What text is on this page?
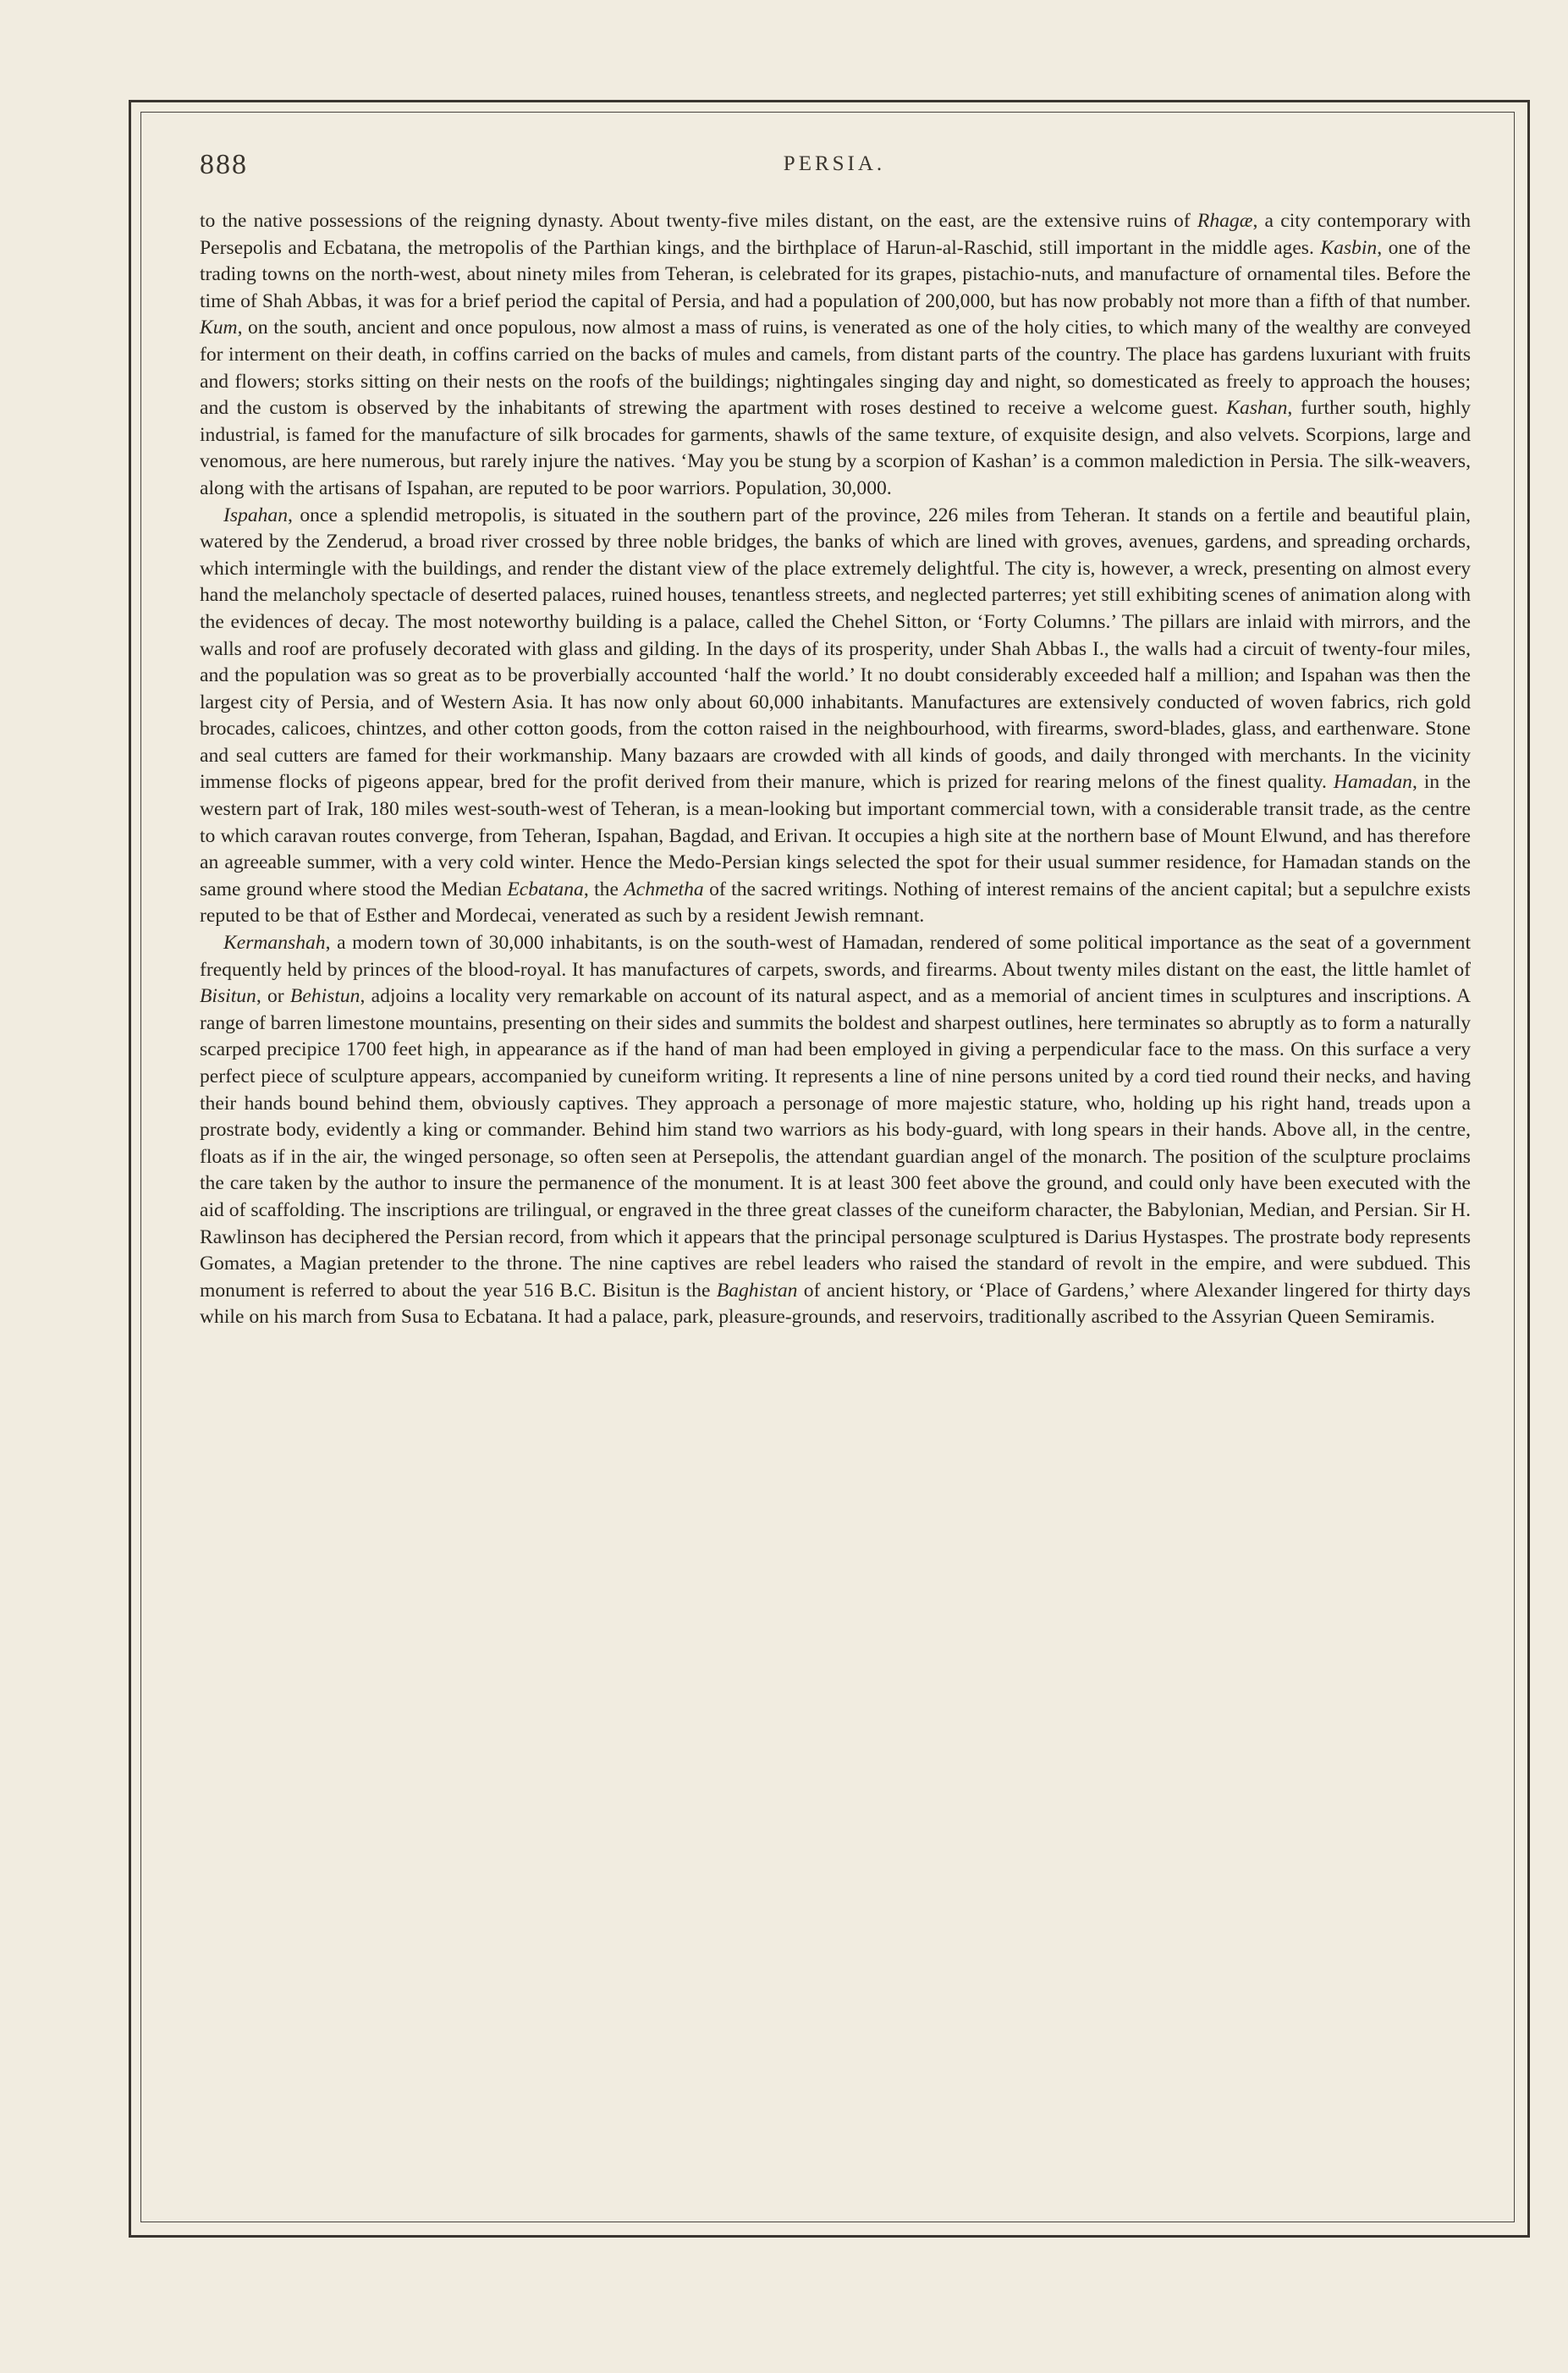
888	PERSIA.

to the native possessions of the reigning dynasty. About twenty-five miles distant, on the east, are the extensive ruins of Rhagæ, a city contemporary with Persepolis and Ecbatana, the metropolis of the Parthian kings, and the birthplace of Harun-al-Raschid, still important in the middle ages. Kasbin, one of the trading towns on the north-west, about ninety miles from Teheran, is celebrated for its grapes, pistachio-nuts, and manufacture of ornamental tiles. Before the time of Shah Abbas, it was for a brief period the capital of Persia, and had a population of 200,000, but has now probably not more than a fifth of that number. Kum, on the south, ancient and once populous, now almost a mass of ruins, is venerated as one of the holy cities, to which many of the wealthy are conveyed for interment on their death, in coffins carried on the backs of mules and camels, from distant parts of the country. The place has gardens luxuriant with fruits and flowers; storks sitting on their nests on the roofs of the buildings; nightingales singing day and night, so domesticated as freely to approach the houses; and the custom is observed by the inhabitants of strewing the apartment with roses destined to receive a welcome guest. Kashan, further south, highly industrial, is famed for the manufacture of silk brocades for garments, shawls of the same texture, of exquisite design, and also velvets. Scorpions, large and venomous, are here numerous, but rarely injure the natives. ‘May you be stung by a scorpion of Kashan’ is a common malediction in Persia. The silk-weavers, along with the artisans of Ispahan, are reputed to be poor warriors. Population, 30,000.

Ispahan, once a splendid metropolis, is situated in the southern part of the province, 226 miles from Teheran. It stands on a fertile and beautiful plain, watered by the Zenderud, a broad river crossed by three noble bridges, the banks of which are lined with groves, avenues, gardens, and spreading orchards, which intermingle with the buildings, and render the distant view of the place extremely delightful. The city is, however, a wreck, presenting on almost every hand the melancholy spectacle of deserted palaces, ruined houses, tenantless streets, and neglected parterres; yet still exhibiting scenes of animation along with the evidences of decay. The most noteworthy building is a palace, called the Chehel Sitton, or ‘Forty Columns.’ The pillars are inlaid with mirrors, and the walls and roof are profusely decorated with glass and gilding. In the days of its prosperity, under Shah Abbas I., the walls had a circuit of twenty-four miles, and the population was so great as to be proverbially accounted ‘half the world.’ It no doubt considerably exceeded half a million; and Ispahan was then the largest city of Persia, and of Western Asia. It has now only about 60,000 inhabitants. Manufactures are extensively conducted of woven fabrics, rich gold brocades, calicoes, chintzes, and other cotton goods, from the cotton raised in the neighbourhood, with firearms, sword-blades, glass, and earthenware. Stone and seal cutters are famed for their workmanship. Many bazaars are crowded with all kinds of goods, and daily thronged with merchants. In the vicinity immense flocks of pigeons appear, bred for the profit derived from their manure, which is prized for rearing melons of the finest quality. Hamadan, in the western part of Irak, 180 miles west-south-west of Teheran, is a mean-looking but important commercial town, with a considerable transit trade, as the centre to which caravan routes converge, from Teheran, Ispahan, Bagdad, and Erivan. It occupies a high site at the northern base of Mount Elwund, and has therefore an agreeable summer, with a very cold winter. Hence the Medo-Persian kings selected the spot for their usual summer residence, for Hamadan stands on the same ground where stood the Median Ecbatana, the Achmetha of the sacred writings. Nothing of interest remains of the ancient capital; but a sepulchre exists reputed to be that of Esther and Mordecai, venerated as such by a resident Jewish remnant.

Kermanshah, a modern town of 30,000 inhabitants, is on the south-west of Hamadan, rendered of some political importance as the seat of a government frequently held by princes of the blood-royal. It has manufactures of carpets, swords, and firearms. About twenty miles distant on the east, the little hamlet of Bisitun, or Behistun, adjoins a locality very remarkable on account of its natural aspect, and as a memorial of ancient times in sculptures and inscriptions. A range of barren limestone mountains, presenting on their sides and summits the boldest and sharpest outlines, here terminates so abruptly as to form a naturally scarped precipice 1700 feet high, in appearance as if the hand of man had been employed in giving a perpendicular face to the mass. On this surface a very perfect piece of sculpture appears, accompanied by cuneiform writing. It represents a line of nine persons united by a cord tied round their necks, and having their hands bound behind them, obviously captives. They approach a personage of more majestic stature, who, holding up his right hand, treads upon a prostrate body, evidently a king or commander. Behind him stand two warriors as his body-guard, with long spears in their hands. Above all, in the centre, floats as if in the air, the winged personage, so often seen at Persepolis, the attendant guardian angel of the monarch. The position of the sculpture proclaims the care taken by the author to insure the permanence of the monument. It is at least 300 feet above the ground, and could only have been executed with the aid of scaffolding. The inscriptions are trilingual, or engraved in the three great classes of the cuneiform character, the Babylonian, Median, and Persian. Sir H. Rawlinson has deciphered the Persian record, from which it appears that the principal personage sculptured is Darius Hystaspes. The prostrate body represents Gomates, a Magian pretender to the throne. The nine captives are rebel leaders who raised the standard of revolt in the empire, and were subdued. This monument is referred to about the year 516 B.C. Bisitun is the Baghistan of ancient history, or ‘Place of Gardens,’ where Alexander lingered for thirty days while on his march from Susa to Ecbatana. It had a palace, park, pleasure-grounds, and reservoirs, traditionally ascribed to the Assyrian Queen Semiramis.
